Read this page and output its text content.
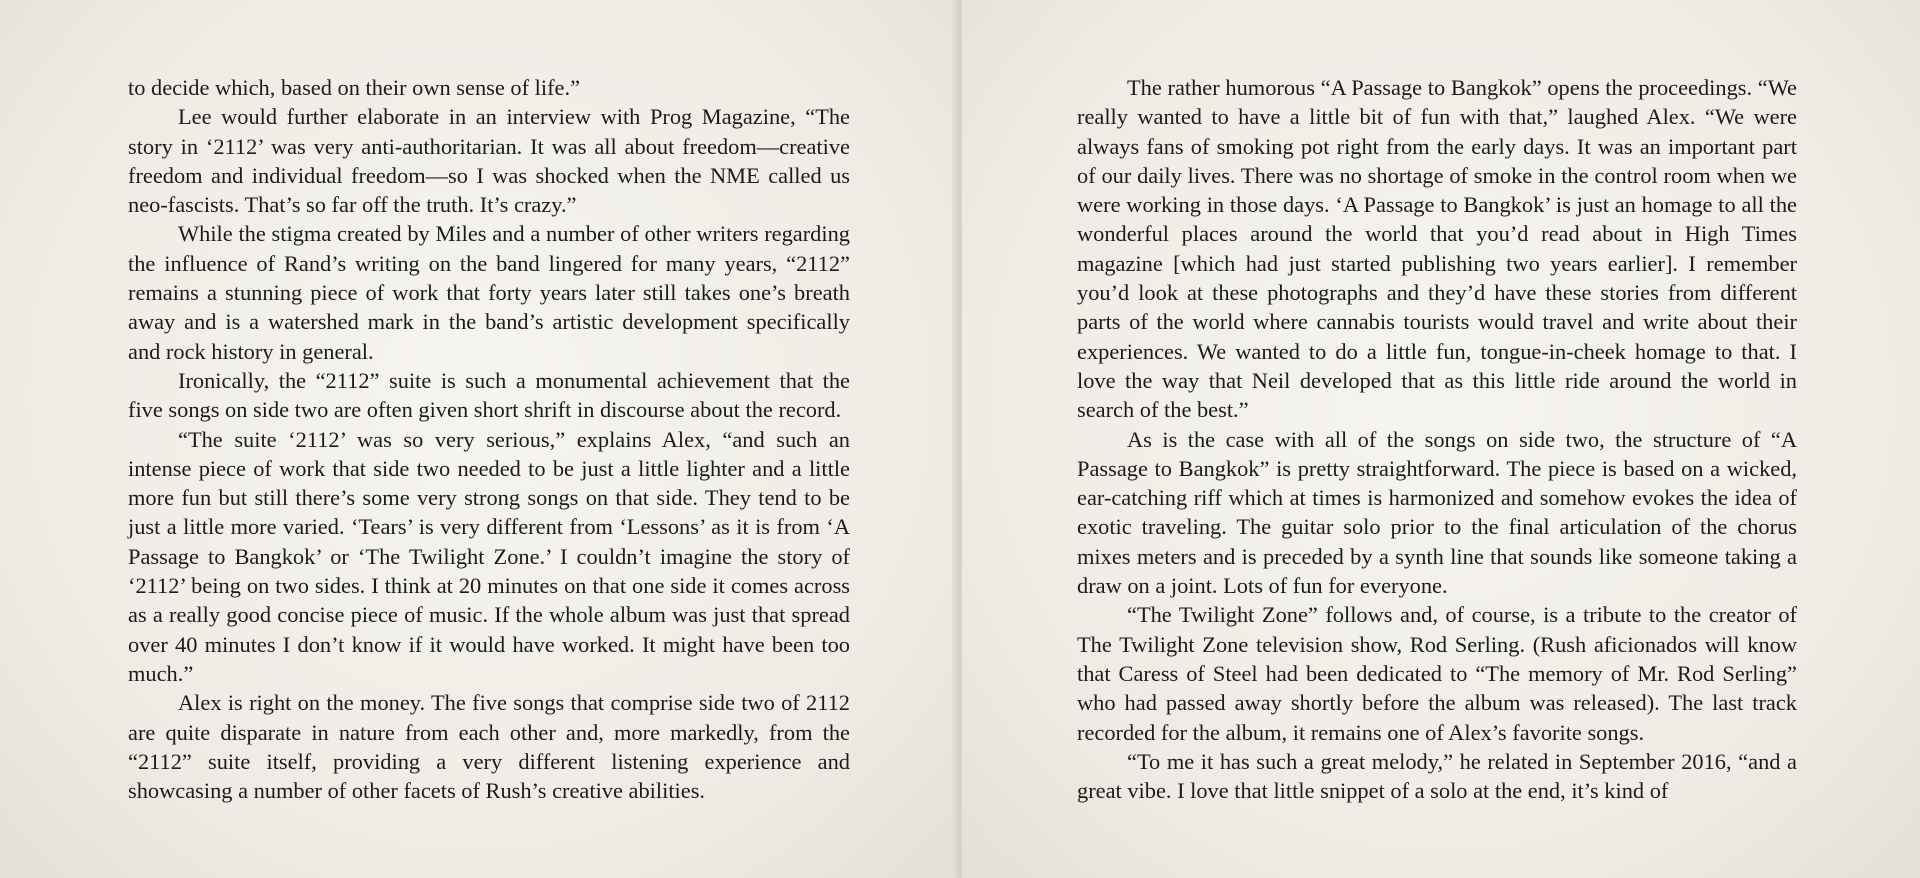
to decide which, based on their own sense of life.”

Lee would further elaborate in an interview with Prog Magazine, “The story in ‘2112’ was very anti-authoritarian. It was all about freedom—creative freedom and individual freedom—so I was shocked when the NME called us neo-fascists. That’s so far off the truth. It’s crazy.”

While the stigma created by Miles and a number of other writers regarding the influence of Rand’s writing on the band lingered for many years, “2112” remains a stunning piece of work that forty years later still takes one’s breath away and is a watershed mark in the band’s artistic development specifically and rock history in general.

Ironically, the “2112” suite is such a monumental achievement that the five songs on side two are often given short shrift in discourse about the record.

“The suite ‘2112’ was so very serious,” explains Alex, “and such an intense piece of work that side two needed to be just a little lighter and a little more fun but still there’s some very strong songs on that side. They tend to be just a little more varied. ‘Tears’ is very different from ‘Lessons’ as it is from ‘A Passage to Bangkok’ or ‘The Twilight Zone.’ I couldn’t imagine the story of ‘2112’ being on two sides. I think at 20 minutes on that one side it comes across as a really good concise piece of music. If the whole album was just that spread over 40 minutes I don’t know if it would have worked. It might have been too much.”

Alex is right on the money. The five songs that comprise side two of 2112 are quite disparate in nature from each other and, more markedly, from the “2112” suite itself, providing a very different listening experience and showcasing a number of other facets of Rush’s creative abilities.

The rather humorous “A Passage to Bangkok” opens the proceedings. “We really wanted to have a little bit of fun with that,” laughed Alex. “We were always fans of smoking pot right from the early days. It was an important part of our daily lives. There was no shortage of smoke in the control room when we were working in those days. ‘A Passage to Bangkok’ is just an homage to all the wonderful places around the world that you’d read about in High Times magazine [which had just started publishing two years earlier]. I remember you’d look at these photographs and they’d have these stories from different parts of the world where cannabis tourists would travel and write about their experiences. We wanted to do a little fun, tongue-in-cheek homage to that. I love the way that Neil developed that as this little ride around the world in search of the best.”

As is the case with all of the songs on side two, the structure of “A Passage to Bangkok” is pretty straightforward. The piece is based on a wicked, ear-catching riff which at times is harmonized and somehow evokes the idea of exotic traveling. The guitar solo prior to the final articulation of the chorus mixes meters and is preceded by a synth line that sounds like someone taking a draw on a joint. Lots of fun for everyone.

“The Twilight Zone” follows and, of course, is a tribute to the creator of The Twilight Zone television show, Rod Serling. (Rush aficionados will know that Caress of Steel had been dedicated to “The memory of Mr. Rod Serling” who had passed away shortly before the album was released). The last track recorded for the album, it remains one of Alex’s favorite songs.

“To me it has such a great melody,” he related in September 2016, “and a great vibe. I love that little snippet of a solo at the end, it’s kind of
